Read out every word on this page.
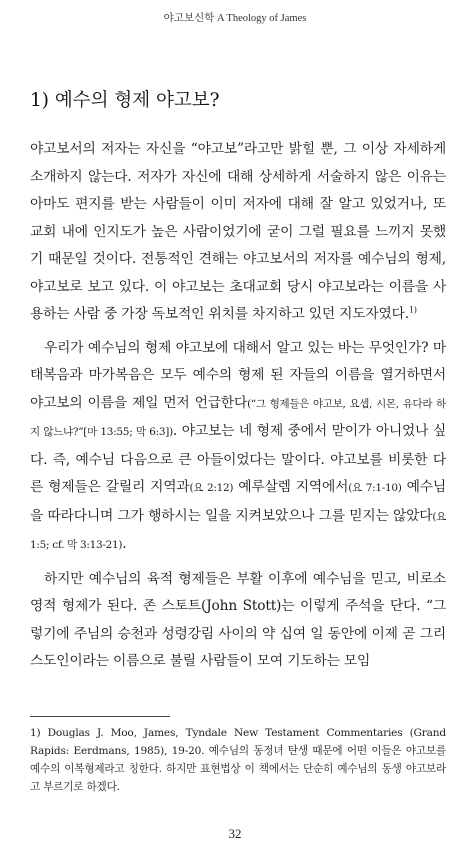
야고보신학 A Theology of James
1) 예수의 형제 야고보?

야고보서의 저자는 자신을 “야고보”라고만 밝힐 뿐, 그 이상 자세하게 소개하지 않는다. 저자가 자신에 대해 상세하게 서술하지 않은 이유는 아마도 편지를 받는 사람들이 이미 저자에 대해 잘 알고 있었거나, 또 교회 내에 인지도가 높은 사람이었기에 굳이 그럴 필요를 느끼지 못했기 때문일 것이다. 전통적인 견해는 야고보서의 저자를 예수님의 형제, 야고보로 보고 있다. 이 야고보는 초대교회 당시 야고보라는 이름을 사용하는 사람 중 가장 독보적인 위치를 차지하고 있던 지도자였다.$^{1)}$

우리가 예수님의 형제 야고보에 대해서 알고 있는 바는 무엇인가? 마태복음과 마가복음은 모두 예수의 형제 된 자들의 이름을 열거하면서 야고보의 이름을 제일 먼저 언급한다(“그 형제들은 야고보, 요셉, 시몬, 유다라 하지 않느냐?”[마 13:55; 막 6:3]). 야고보는 네 형제 중에서 맏이가 아니었나 싶다. 즉, 예수님 다음으로 큰 아들이었다는 말이다. 야고보를 비롯한 다른 형제들은 갈릴리 지역과(요 2:12) 예루살렘 지역에서(요 7:1-10) 예수님을 따라다니며 그가 행하시는 일을 지켜보았으나 그를 믿지는 않았다(요 1:5; cf. 막 3:13-21).

하지만 예수님의 육적 형제들은 부활 이후에 예수님을 믿고, 비로소 영적 형제가 된다. 존 스토트(John Stott)는 이렇게 주석을 단다. “그렇기에 주님의 승천과 성령강림 사이의 약 십여 일 동안에 이제 곧 그리스도인이라는 이름으로 불릴 사람들이 모여 기도하는 모임

1) Douglas J. Moo, James, Tyndale New Testament Commentaries (Grand Rapids: Eerdmans, 1985), 19-20. 예수님의 동정녀 탄생 때문에 어떤 이들은 야고보를 예수의 이복형제라고 칭한다. 하지만 표현법상 이 책에서는 단순히 예수님의 동생 야고보라고 부르기로 하겠다.

32
